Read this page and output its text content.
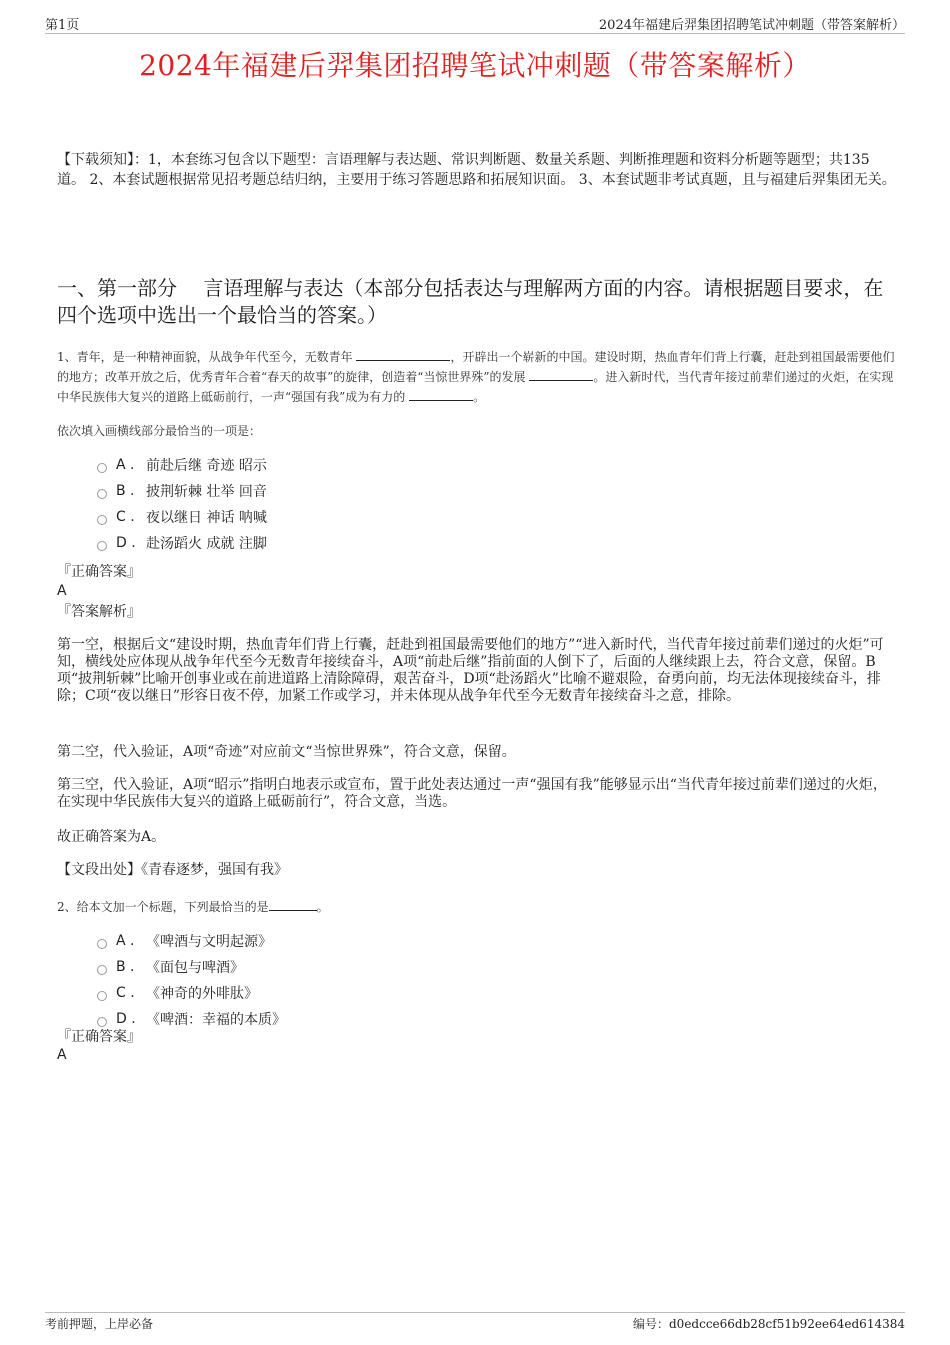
第1页	2024年福建后羿集团招聘笔试冲刺题（带答案解析）
2024年福建后羿集团招聘笔试冲刺题（带答案解析）
【下载须知】：1，本套练习包含以下题型：言语理解与表达题、常识判断题、数量关系题、判断推理题和资料分析题等题型；共135道。 2、本套试题根据常见招考题总结归纳，主要用于练习答题思路和拓展知识面。 3、本套试题非考试真题，且与福建后羿集团无关。
一、第一部分　 言语理解与表达（本部分包括表达与理解两方面的内容。请根据题目要求，在四个选项中选出一个最恰当的答案。）
1、青年，是一种精神面貌，从战争年代至今，无数青年	，开辟出一个崭新的中国。建设时期，热血青年们背上行囊，赶赴到祖国最需要他们的地方；改革开放之后，优秀青年合着“春天的故事”的旋律，创造着“当惊世界殊”的发展	。进入新时代，当代青年接过前辈们递过的火炬，在实现中华民族伟大复兴的道路上砥砺前行，一声“强国有我”成为有力的	。
依次填入画横线部分最恰当的一项是：
A . 前赴后继 奇迹 昭示
B . 披荆斩棘 壮举 回音
C . 夜以继日 神话 呐喊
D . 赴汤蹈火 成就 注脚
『正确答案』
A
『答案解析』
第一空，根据后文“建设时期，热血青年们背上行囊，赶赴到祖国最需要他们的地方”“进入新时代，当代青年接过前辈们递过的火炬”可知，横线处应体现从战争年代至今无数青年接续奋斗，A项“前赴后继”指前面的人倒下了，后面的人继续跟上去，符合文意，保留。B项“披荆斩棘”比喻开创事业或在前进道路上清除障碍，艰苦奋斗，D项“赴汤蹈火”比喻不避艰险，奋勇向前，均无法体现接续奋斗，排除；C项“夜以继日”形容日夜不停，加紧工作或学习，并未体现从战争年代至今无数青年接续奋斗之意，排除。
第二空，代入验证，A项“奇迹”对应前文“当惊世界殊”，符合文意，保留。
第三空，代入验证，A项“昭示”指明白地表示或宣布，置于此处表达通过一声“强国有我”能够显示出“当代青年接过前辈们递过的火炬，在实现中华民族伟大复兴的道路上砥砺前行”，符合文意，当选。
故正确答案为A。
【文段出处】《青春逐梦，强国有我》
2、给本文加一个标题，下列最恰当的是	。
A . 《啤酒与文明起源》
B . 《面包与啤酒》
C . 《神奇的外啡肽》
D . 《啤酒：幸福的本质》
『正确答案』
A
考前押题，上岸必备	编号：d0edcce66db28cf51b92ee64ed614384
